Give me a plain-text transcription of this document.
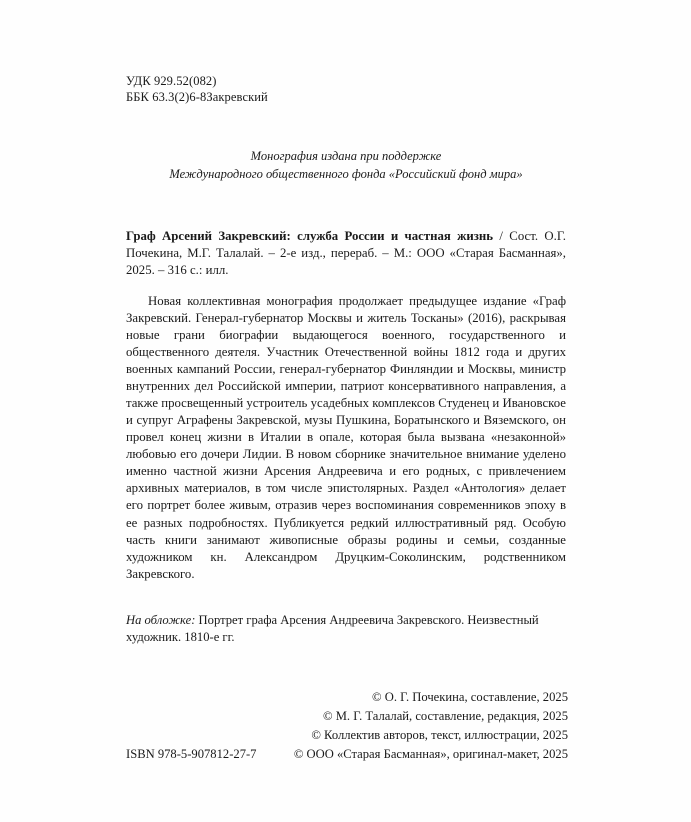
УДК 929.52(082)
ББК 63.3(2)6-8Закревский
Монография издана при поддержке
Международного общественного фонда «Российский фонд мира»
Граф Арсений Закревский: служба России и частная жизнь / Сост. О.Г. Почекина, М.Г. Талалай. – 2-е изд., перераб. – М.: ООО «Старая Басманная», 2025. – 316 с.: илл.
Новая коллективная монография продолжает предыдущее издание «Граф Закревский. Генерал-губернатор Москвы и житель Тосканы» (2016), раскрывая новые грани биографии выдающегося военного, государственного и общественного деятеля. Участник Отечественной войны 1812 года и других военных кампаний России, генерал-губернатор Финляндии и Москвы, министр внутренних дел Российской империи, патриот консервативного направления, а также просвещенный устроитель усадебных комплексов Студенец и Ивановское и супруг Аграфены Закревской, музы Пушкина, Боратынского и Вяземского, он провел конец жизни в Италии в опале, которая была вызвана «незаконной» любовью его дочери Лидии. В новом сборнике значительное внимание уделено именно частной жизни Арсения Андреевича и его родных, с привлечением архивных материалов, в том числе эпистолярных. Раздел «Антология» делает его портрет более живым, отразив через воспоминания современников эпоху в ее разных подробностях. Публикуется редкий иллюстративный ряд. Особую часть книги занимают живописные образы родины и семьи, созданные художником кн. Александром Друцким-Соколинским, родственником Закревского.
На обложке: Портрет графа Арсения Андреевича Закревского. Неизвестный художник. 1810-е гг.
© О. Г. Почекина, составление, 2025
© М. Г. Талалай, составление, редакция, 2025
© Коллектив авторов, текст, иллюстрации, 2025
ISBN 978-5-907812-27-7	© ООО «Старая Басманная», оригинал-макет, 2025
